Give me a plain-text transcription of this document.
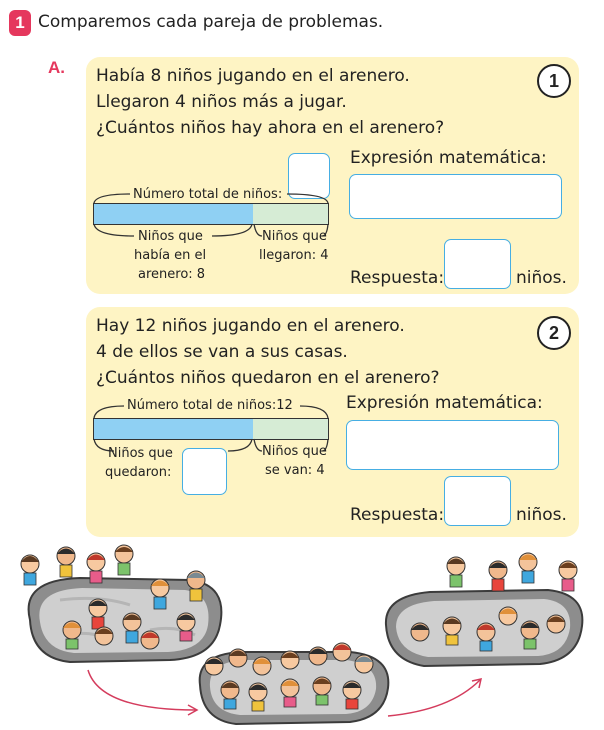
1 Comparemos cada pareja de problemas.
A.
1
Había 8 niños jugando en el arenero.
Llegaron 4 niños más a jugar.
¿Cuántos niños hay ahora en el arenero?
Número total de niños:
Niños que
había en el
arenero: 8
Niños que
llegaron: 4
Expresión matemática:
Respuesta:	niños.
2
Hay 12 niños jugando en el arenero.
4 de ellos se van a sus casas.
¿Cuántos niños quedaron en el arenero?
Número total de niños:12
Niños que
quedaron:
Niños que
se van: 4
Expresión matemática:
Respuesta:	niños.
